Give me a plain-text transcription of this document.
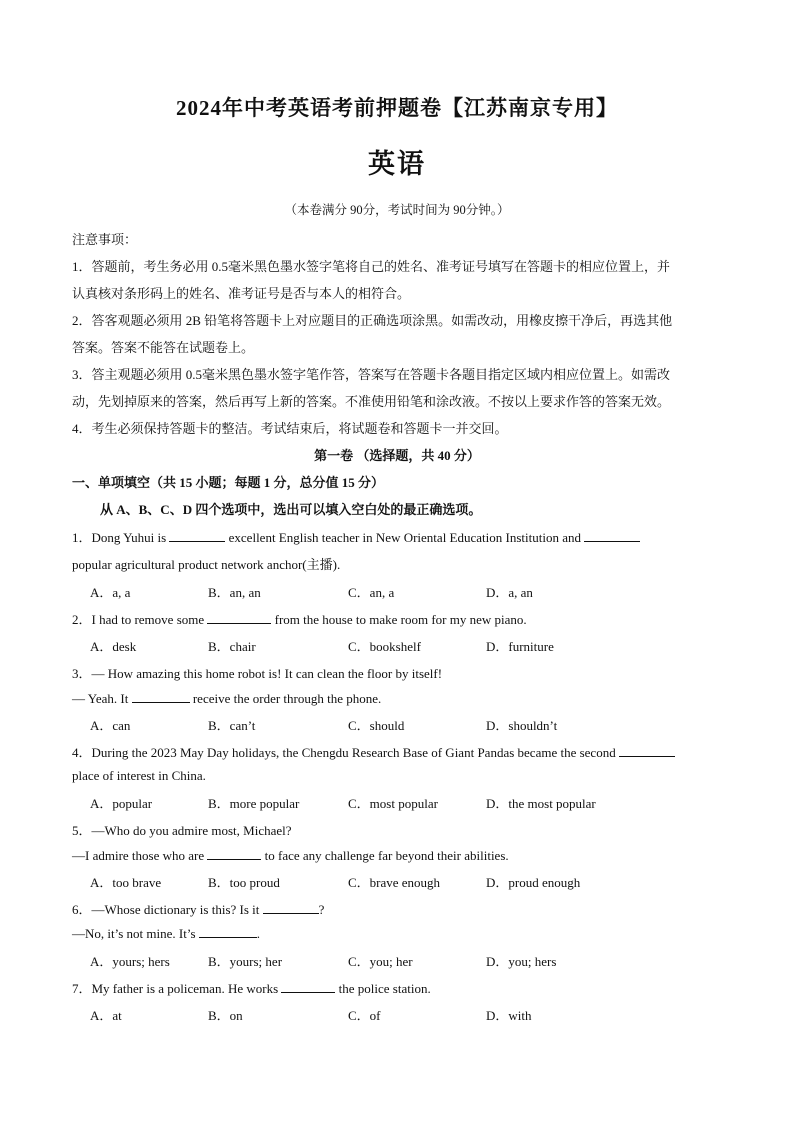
2024年中考英语考前押题卷【江苏南京专用】
英语
（本卷满分 90分，考试时间为 90分钟。）
注意事项：
1．答题前，考生务必用 0.5毫米黑色墨水签字笔将自己的姓名、准考证号填写在答题卡的相应位置上，并
认真核对条形码上的姓名、准考证号是否与本人的相符合。
2．答客观题必须用 2B 铅笔将答题卡上对应题目的正确选项涂黑。如需改动，用橡皮擦干净后，再选其他
答案。答案不能答在试题卷上。
3．答主观题必须用 0.5毫米黑色墨水签字笔作答，答案写在答题卡各题目指定区域内相应位置上。如需改
动，先划掉原来的答案，然后再写上新的答案。不准使用铅笔和涂改液。不按以上要求作答的答案无效。
4．考生必须保持答题卡的整洁。考试结束后，将试题卷和答题卡一并交回。
第一卷 （选择题，共 40 分）
一、单项填空（共 15 小题；每题 1 分，总分值 15 分）
从 A、B、C、D 四个选项中，选出可以填入空白处的最正确选项。
1．Dong Yuhui is	excellent English teacher in New Oriental Education Institution and
popular agricultural product network anchor(主播).
A．a, a	B．an, an	C．an, a	D．a, an
2．I had to remove some	from the house to make room for my new piano.
A．desk	B．chair	C．bookshelf	D．furniture
3．— How amazing this home robot is! It can clean the floor by itself!
— Yeah. It	receive the order through the phone.
A．can	B．can’t	C．should	D．shouldn’t
4．During the 2023 May Day holidays, the Chengdu Research Base of Giant Pandas became the second
place of interest in China.
A．popular	B．more popular	C．most popular	D．the most popular
5．—Who do you admire most, Michael?
—I admire those who are	to face any challenge far beyond their abilities.
A．too brave	B．too proud	C．brave enough	D．proud enough
6．—Whose dictionary is this? Is it	?
—No, it’s not mine. It’s	.
A．yours; hers	B．yours; her	C．you; her	D．you; hers
7．My father is a policeman. He works	the police station.
A．at	B．on	C．of	D．with
